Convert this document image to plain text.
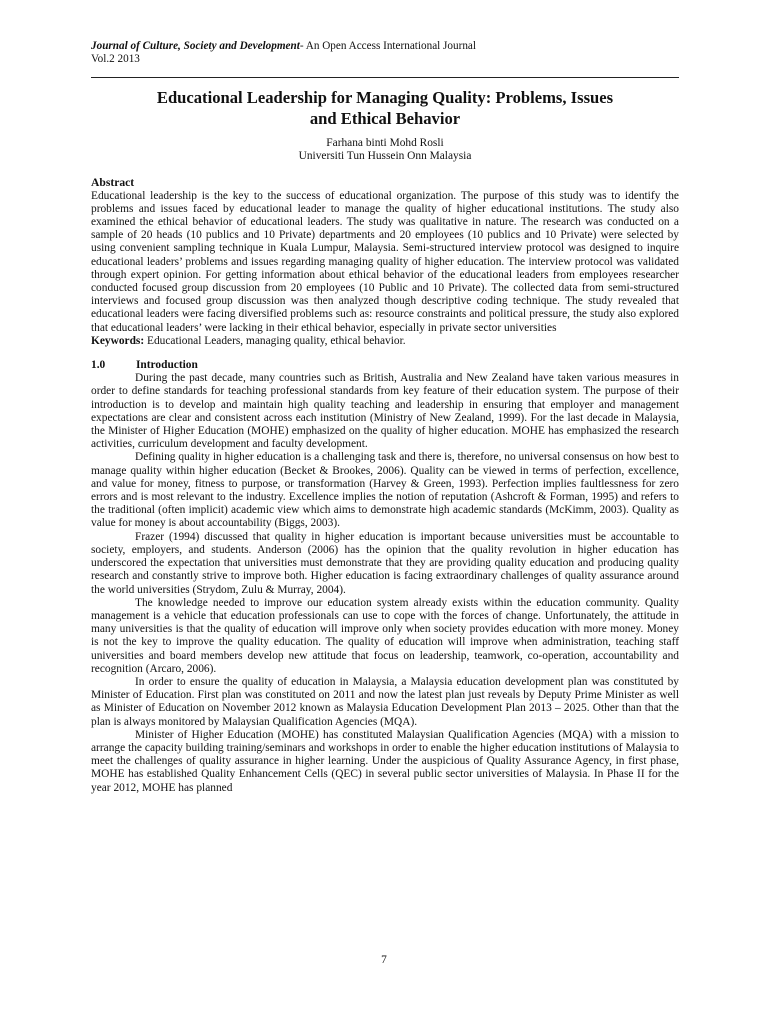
Journal of Culture, Society and Development- An Open Access International Journal
Vol.2 2013
Educational Leadership for Managing Quality: Problems, Issues
and Ethical Behavior
Farhana binti Mohd Rosli
Universiti Tun Hussein Onn Malaysia
Abstract

Educational leadership is the key to the success of educational organization. The purpose of this study was to identify the problems and issues faced by educational leader to manage the quality of higher educational institutions. The study also examined the ethical behavior of educational leaders. The study was qualitative in nature. The research was conducted on a sample of 20 heads (10 publics and 10 Private) departments and 20 employees (10 publics and 10 Private) were selected by using convenient sampling technique in Kuala Lumpur, Malaysia. Semi-structured interview protocol was designed to inquire educational leaders’ problems and issues regarding managing quality of higher education. The interview protocol was validated through expert opinion. For getting information about ethical behavior of the educational leaders from employees researcher conducted focused group discussion from 20 employees (10 Public and 10 Private). The collected data from semi-structured interviews and focused group discussion was then analyzed though descriptive coding technique. The study revealed that educational leaders were facing diversified problems such as: resource constraints and political pressure, the study also explored that educational leaders’ were lacking in their ethical behavior, especially in private sector universities

Keywords: Educational Leaders, managing quality, ethical behavior.

1.0	Introduction

During the past decade, many countries such as British, Australia and New Zealand have taken various measures in order to define standards for teaching professional standards from key feature of their education system. The purpose of their introduction is to develop and maintain high quality teaching and leadership in ensuring that employer and management expectations are clear and consistent across each institution (Ministry of New Zealand, 1999). For the last decade in Malaysia, the Minister of Higher Education (MOHE) emphasized on the quality of higher education. MOHE has emphasized the research activities, curriculum development and faculty development.

Defining quality in higher education is a challenging task and there is, therefore, no universal consensus on how best to manage quality within higher education (Becket & Brookes, 2006). Quality can be viewed in terms of perfection, excellence, and value for money, fitness to purpose, or transformation (Harvey & Green, 1993). Perfection implies faultlessness for zero errors and is most relevant to the industry. Excellence implies the notion of reputation (Ashcroft & Forman, 1995) and refers to the traditional (often implicit) academic view which aims to demonstrate high academic standards (McKimm, 2003). Quality as value for money is about accountability (Biggs, 2003).

Frazer (1994) discussed that quality in higher education is important because universities must be accountable to society, employers, and students. Anderson (2006) has the opinion that the quality revolution in higher education has underscored the expectation that universities must demonstrate that they are providing quality education and producing quality research and constantly strive to improve both. Higher education is facing extraordinary challenges of quality assurance around the world universities (Strydom, Zulu & Murray, 2004).

The knowledge needed to improve our education system already exists within the education community. Quality management is a vehicle that education professionals can use to cope with the forces of change. Unfortunately, the attitude in many universities is that the quality of education will improve only when society provides education with more money. Money is not the key to improve the quality education. The quality of education will improve when administration, teaching staff universities and board members develop new attitude that focus on leadership, teamwork, co-operation, accountability and recognition (Arcaro, 2006).

In order to ensure the quality of education in Malaysia, a Malaysia education development plan was constituted by Minister of Education. First plan was constituted on 2011 and now the latest plan just reveals by Deputy Prime Minister as well as Minister of Education on November 2012 known as Malaysia Education Development Plan 2013 – 2025. Other than that the plan is always monitored by Malaysian Qualification Agencies (MQA).

Minister of Higher Education (MOHE) has constituted Malaysian Qualification Agencies (MQA) with a mission to arrange the capacity building training/seminars and workshops in order to enable the higher education institutions of Malaysia to meet the challenges of quality assurance in higher learning. Under the auspicious of Quality Assurance Agency, in first phase, MOHE has established Quality Enhancement Cells (QEC) in several public sector universities of Malaysia. In Phase II for the year 2012, MOHE has planned

7
